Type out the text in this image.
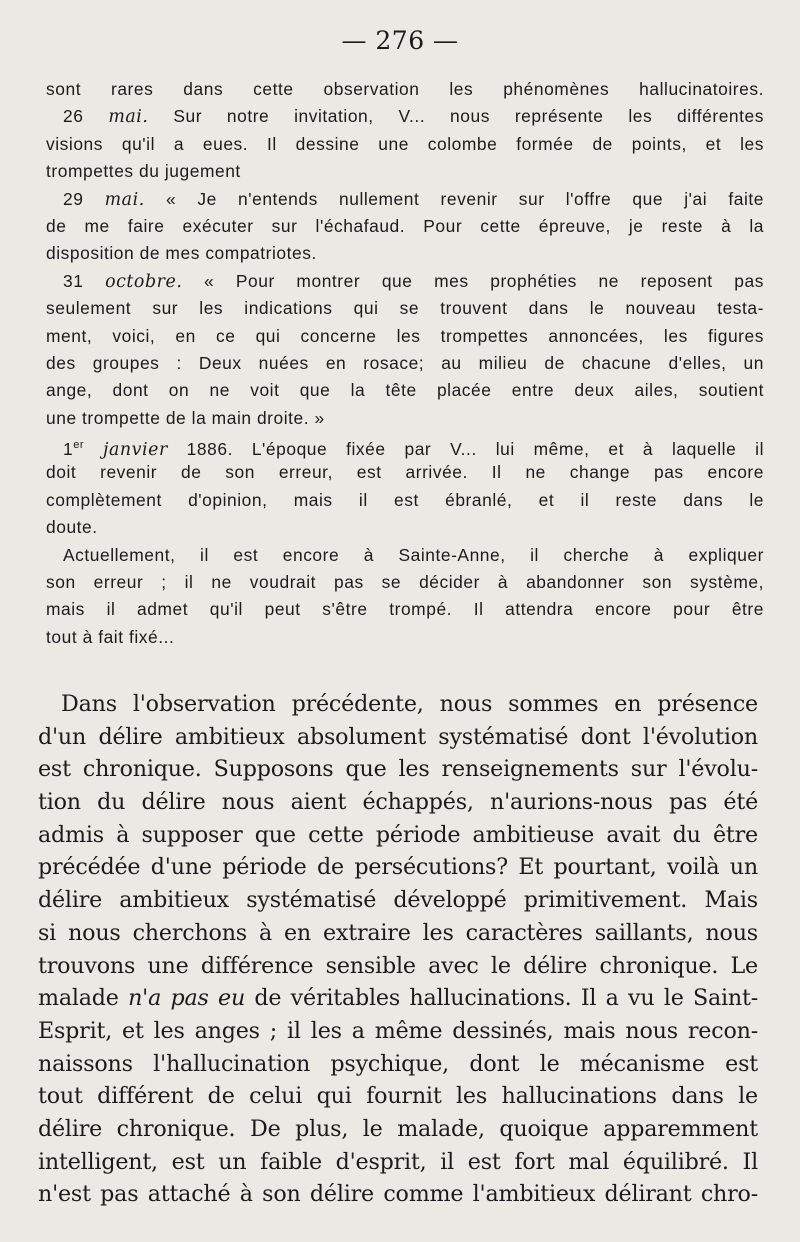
— 276 —
sont rares dans cette observation les phénomènes hallucinatoires.
26 mai. Sur notre invitation, V... nous représente les différentes
visions qu'il a eues. Il dessine une colombe formée de points, et les
trompettes du jugement
29 mai. « Je n'entends nullement revenir sur l'offre que j'ai faite
de me faire exécuter sur l'échafaud. Pour cette épreuve, je reste à la
disposition de mes compatriotes.
31 octobre. « Pour montrer que mes prophéties ne reposent pas
seulement sur les indications qui se trouvent dans le nouveau testa-
ment, voici, en ce qui concerne les trompettes annoncées, les figures
des groupes : Deux nuées en rosace; au milieu de chacune d'elles, un
ange, dont on ne voit que la tête placée entre deux ailes, soutient
une trompette de la main droite. »
1er janvier 1886. L'époque fixée par V... lui même, et à laquelle il
doit revenir de son erreur, est arrivée. Il ne change pas encore
complètement d'opinion, mais il est ébranlé, et il reste dans le
doute.
Actuellement, il est encore à Sainte-Anne, il cherche à expliquer
son erreur ; il ne voudrait pas se décider à abandonner son système,
mais il admet qu'il peut s'être trompé. Il attendra encore pour être
tout à fait fixé...
Dans l'observation précédente, nous sommes en présence
d'un délire ambitieux absolument systématisé dont l'évolution
est chronique. Supposons que les renseignements sur l'évolu-
tion du délire nous aient échappés, n'aurions-nous pas été
admis à supposer que cette période ambitieuse avait du être
précédée d'une période de persécutions? Et pourtant, voilà un
délire ambitieux systématisé développé primitivement. Mais
si nous cherchons à en extraire les caractères saillants, nous
trouvons une différence sensible avec le délire chronique. Le
malade n'a pas eu de véritables hallucinations. Il a vu le Saint-
Esprit, et les anges ; il les a même dessinés, mais nous recon-
naissons l'hallucination psychique, dont le mécanisme est
tout différent de celui qui fournit les hallucinations dans le
délire chronique. De plus, le malade, quoique apparemment
intelligent, est un faible d'esprit, il est fort mal équilibré. Il
n'est pas attaché à son délire comme l'ambitieux délirant chro-
